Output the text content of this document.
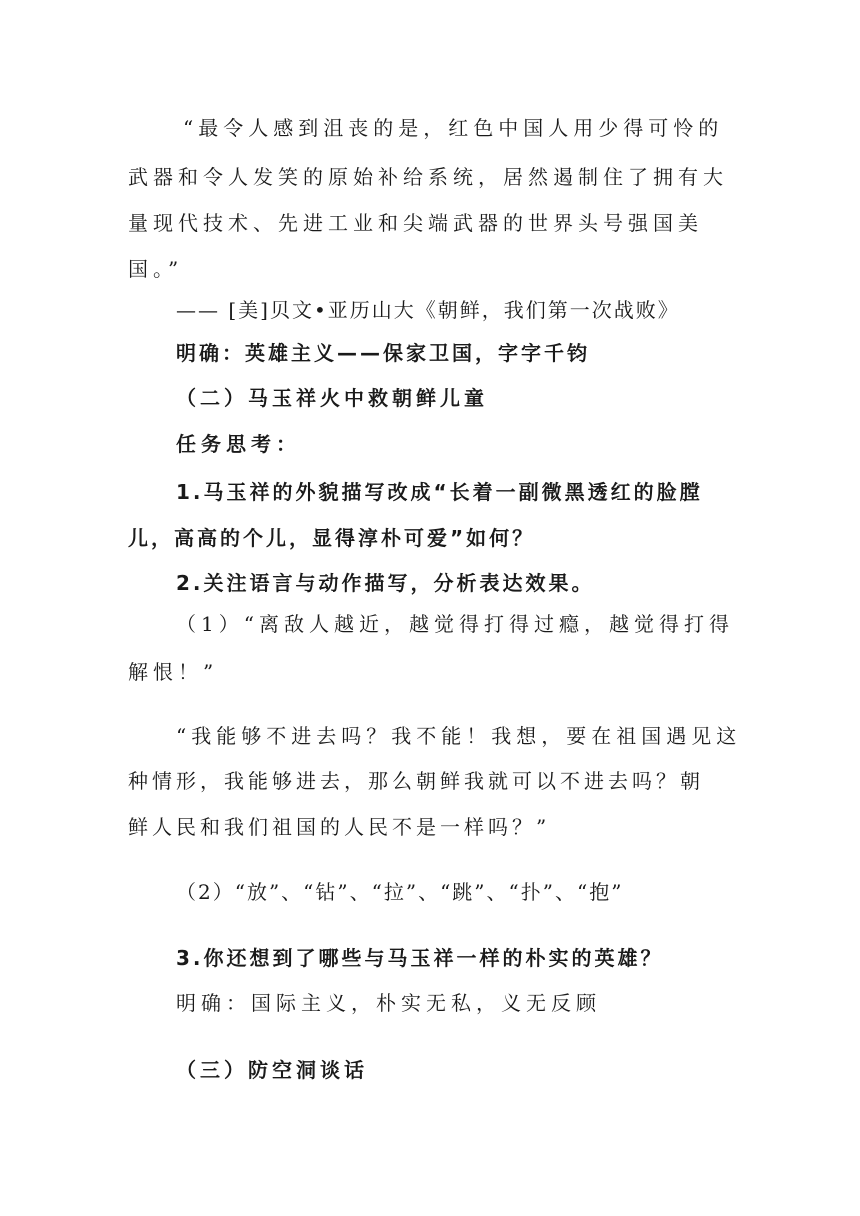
“最令人感到沮丧的是，红色中国人用少得可怜的
武器和令人发笑的原始补给系统，居然遏制住了拥有大
量现代技术、先进工业和尖端武器的世界头号强国美
国。”
—— [美]贝文•亚历山大《朝鲜，我们第一次战败》
明确：英雄主义——保家卫国，字字千钧
（二）马玉祥火中救朝鲜儿童
任务思考：
1.马玉祥的外貌描写改成“长着一副微黑透红的脸膛
儿，高高的个儿，显得淳朴可爱”如何？
2.关注语言与动作描写，分析表达效果。
（1）“离敌人越近，越觉得打得过瘾，越觉得打得
解恨！”
“我能够不进去吗？我不能！我想，要在祖国遇见这
种情形，我能够进去，那么朝鲜我就可以不进去吗？朝
鲜人民和我们祖国的人民不是一样吗？”
（2）“放”、“钻”、“拉”、“跳”、“扑”、“抱”
3.你还想到了哪些与马玉祥一样的朴实的英雄？
明确：国际主义，朴实无私，义无反顾
（三）防空洞谈话
